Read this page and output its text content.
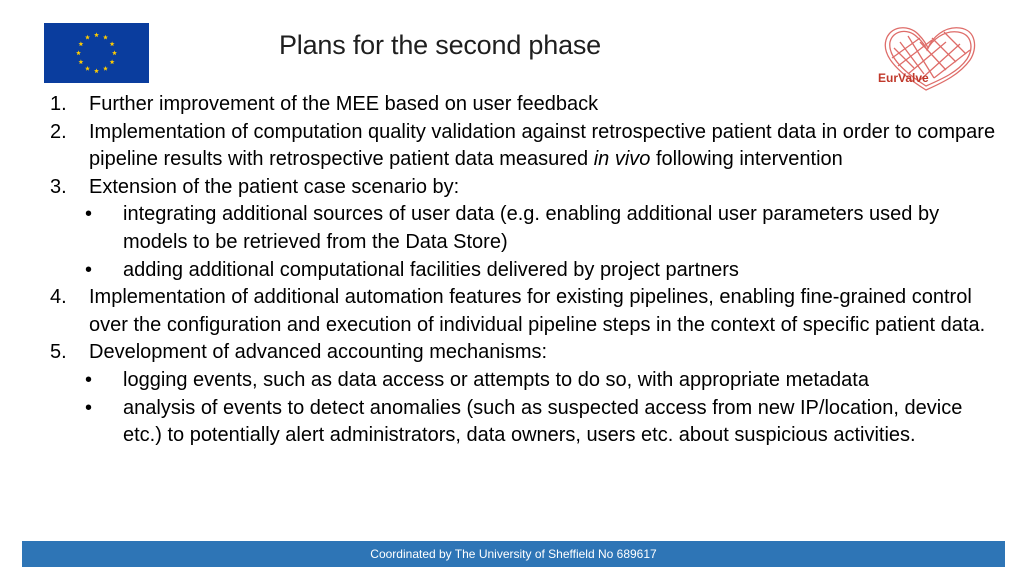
Plans for the second phase
EurValve
1.	Further improvement of the MEE based on user feedback
2.	Implementation of computation quality validation against retrospective patient data in order to compare pipeline results with retrospective patient data measured in vivo following intervention
3.	Extension of the patient case scenario by:
• integrating additional sources of user data (e.g. enabling additional user parameters used by models to be retrieved from the Data Store)
• adding additional computational facilities delivered by project partners
4.	Implementation of additional automation features for existing pipelines, enabling fine-grained control over the configuration and execution of individual pipeline steps in the context of specific patient data.
5.	Development of advanced accounting mechanisms:
• logging events, such as data access or attempts to do so, with appropriate metadata
• analysis of events to detect anomalies (such as suspected access from new IP/location, device etc.) to potentially alert administrators, data owners, users etc. about suspicious activities.
Coordinated by The University of Sheffield No 689617
